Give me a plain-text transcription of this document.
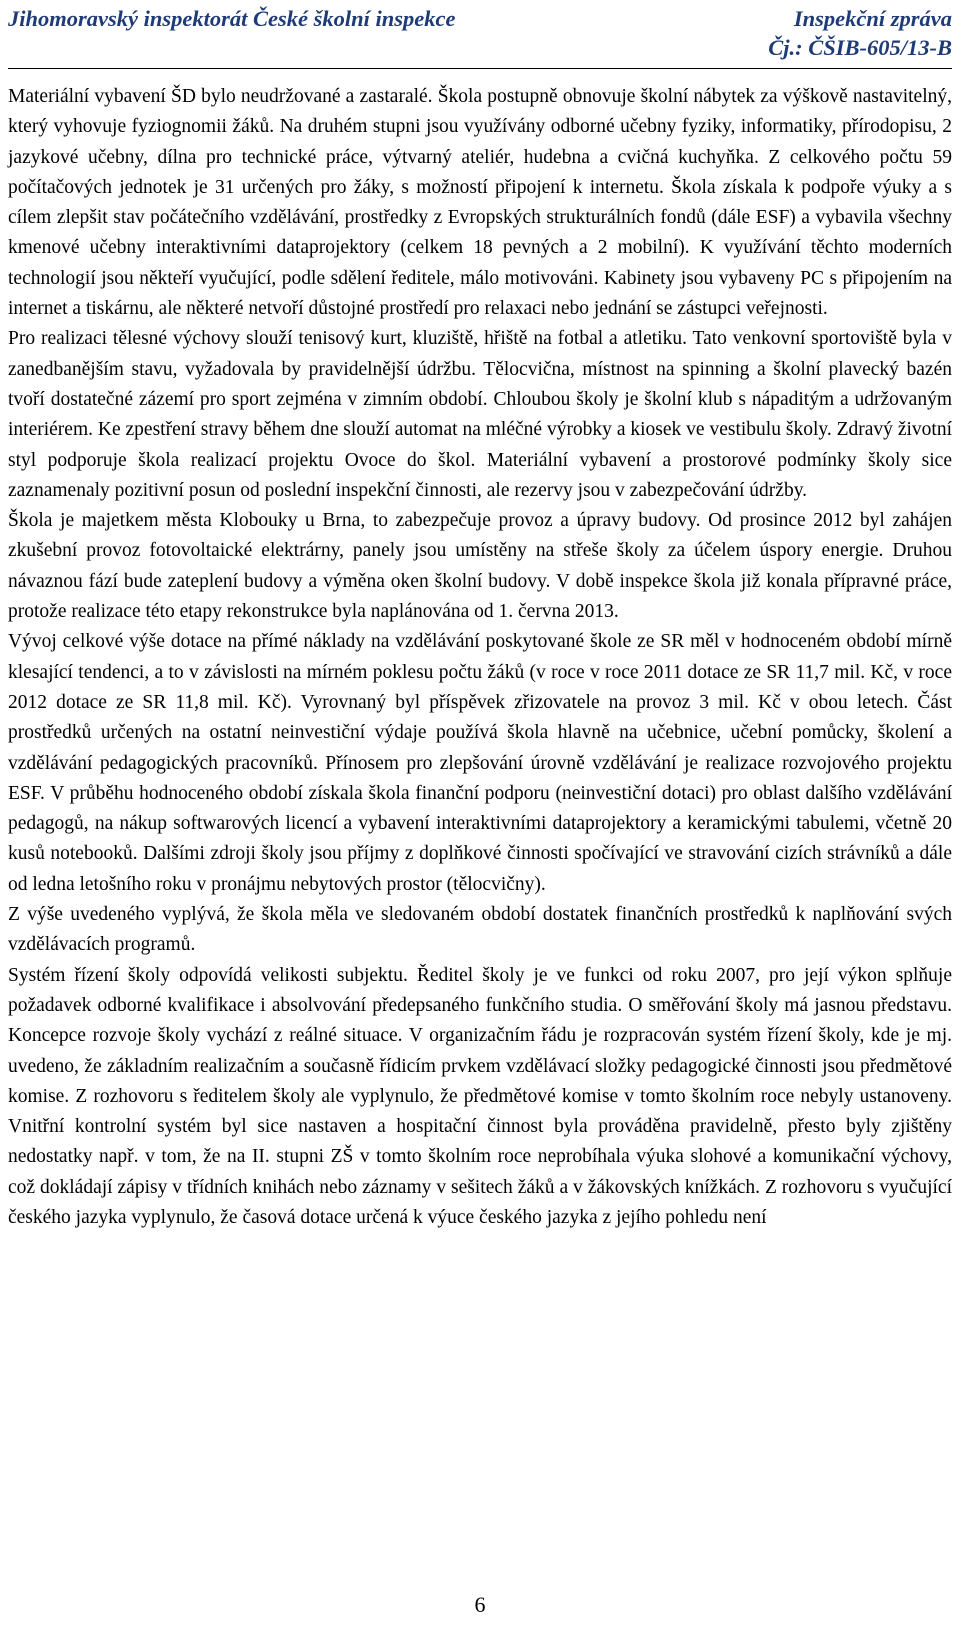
Jihomoravský inspektorát České školní inspekce	Inspekční zpráva
Čj.: ČŠIB-605/13-B

Materiální vybavení ŠD bylo neudržované a zastaralé. Škola postupně obnovuje školní nábytek za výškově nastavitelný, který vyhovuje fyziognomii žáků. Na druhém stupni jsou využívány odborné učebny fyziky, informatiky, přírodopisu, 2 jazykové učebny, dílna pro technické práce, výtvarný ateliér, hudebna a cvičná kuchyňka. Z celkového počtu 59 počítačových jednotek je 31 určených pro žáky, s možností připojení k internetu. Škola získala k podpoře výuky a s cílem zlepšit stav počátečního vzdělávání, prostředky z Evropských strukturálních fondů (dále ESF) a vybavila všechny kmenové učebny interaktivními dataprojektory (celkem 18 pevných a 2 mobilní). K využívání těchto moderních technologií jsou někteří vyučující, podle sdělení ředitele, málo motivováni. Kabinety jsou vybaveny PC s připojením na internet a tiskárnu, ale některé netvoří důstojné prostředí pro relaxaci nebo jednání se zástupci veřejnosti.

Pro realizaci tělesné výchovy slouží tenisový kurt, kluziště, hřiště na fotbal a atletiku. Tato venkovní sportoviště byla v zanedbanějším stavu, vyžadovala by pravidelnější údržbu. Tělocvična, místnost na spinning a školní plavecký bazén tvoří dostatečné zázemí pro sport zejména v zimním období. Chloubou školy je školní klub s nápaditým a udržovaným interiérem. Ke zpestření stravy během dne slouží automat na mléčné výrobky a kiosek ve vestibulu školy. Zdravý životní styl podporuje škola realizací projektu Ovoce do škol. Materiální vybavení a prostorové podmínky školy sice zaznamenaly pozitivní posun od poslední inspekční činnosti, ale rezervy jsou v zabezpečování údržby.

Škola je majetkem města Klobouky u Brna, to zabezpečuje provoz a úpravy budovy. Od prosince 2012 byl zahájen zkušební provoz fotovoltaické elektrárny, panely jsou umístěny na střeše školy za účelem úspory energie. Druhou návaznou fází bude zateplení budovy a výměna oken školní budovy. V době inspekce škola již konala přípravné práce, protože realizace této etapy rekonstrukce byla naplánována od 1. června 2013.

Vývoj celkové výše dotace na přímé náklady na vzdělávání poskytované škole ze SR měl v hodnoceném období mírně klesající tendenci, a to v závislosti na mírném poklesu počtu žáků (v roce v roce 2011 dotace ze SR 11,7 mil. Kč, v roce 2012 dotace ze SR 11,8 mil. Kč). Vyrovnaný byl příspěvek zřizovatele na provoz 3 mil. Kč v obou letech. Část prostředků určených na ostatní neinvestiční výdaje používá škola hlavně na učebnice, učební pomůcky, školení a vzdělávání pedagogických pracovníků. Přínosem pro zlepšování úrovně vzdělávání je realizace rozvojového projektu ESF. V průběhu hodnoceného období získala škola finanční podporu (neinvestiční dotaci) pro oblast dalšího vzdělávání pedagogů, na nákup softwarových licencí a vybavení interaktivními dataprojektory a keramickými tabulemi, včetně 20 kusů notebooků. Dalšími zdroji školy jsou příjmy z doplňkové činnosti spočívající ve stravování cizích strávníků a dále od ledna letošního roku v pronájmu nebytových prostor (tělocvičny).

Z výše uvedeného vyplývá, že škola měla ve sledovaném období dostatek finančních prostředků k naplňování svých vzdělávacích programů.

Systém řízení školy odpovídá velikosti subjektu. Ředitel školy je ve funkci od roku 2007, pro její výkon splňuje požadavek odborné kvalifikace i absolvování předepsaného funkčního studia. O směřování školy má jasnou představu. Koncepce rozvoje školy vychází z reálné situace. V organizačním řádu je rozpracován systém řízení školy, kde je mj. uvedeno, že základním realizačním a současně řídicím prvkem vzdělávací složky pedagogické činnosti jsou předmětové komise. Z rozhovoru s ředitelem školy ale vyplynulo, že předmětové komise v tomto školním roce nebyly ustanoveny. Vnitřní kontrolní systém byl sice nastaven a hospitační činnost byla prováděna pravidelně, přesto byly zjištěny nedostatky např. v tom, že na II. stupni ZŠ v tomto školním roce neprobíhala výuka slohové a komunikační výchovy, což dokládají zápisy v třídních knihách nebo záznamy v sešitech žáků a v žákovských knížkách. Z rozhovoru s vyučující českého jazyka vyplynulo, že časová dotace určená k výuce českého jazyka z jejího pohledu není

6
